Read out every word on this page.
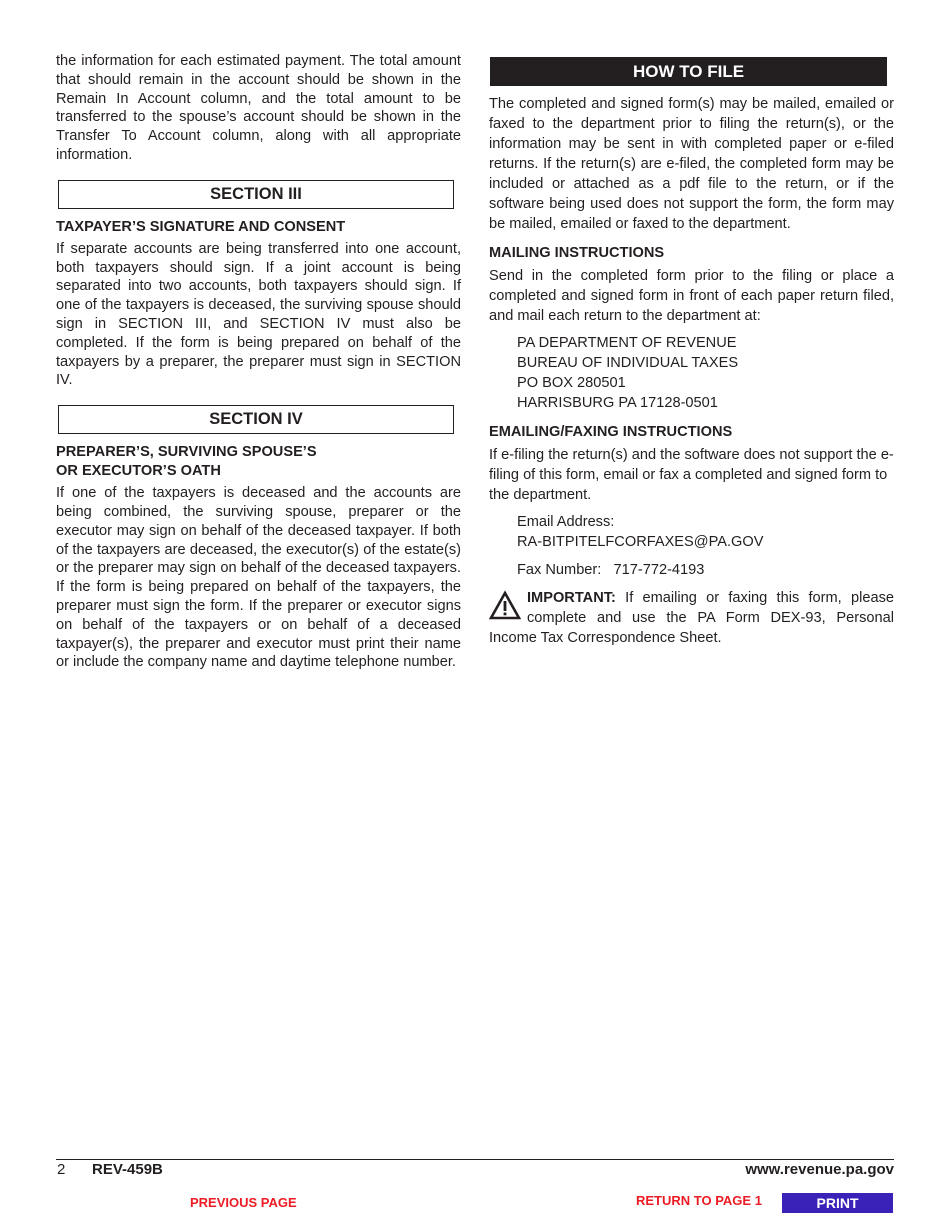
the information for each estimated payment. The total amount that should remain in the account should be shown in the Remain In Account column, and the total amount to be transferred to the spouse’s account should be shown in the Transfer To Account column, along with all appropriate information.

SECTION III
TAXPAYER’S SIGNATURE AND CONSENT

If separate accounts are being transferred into one account, both taxpayers should sign. If a joint account is being separated into two accounts, both taxpayers should sign. If one of the taxpayers is deceased, the surviving spouse should sign in SECTION III, and SECTION IV must also be completed. If the form is being prepared on behalf of the taxpayers by a preparer, the preparer must sign in SECTION IV.

SECTION IV
PREPARER’S, SURVIVING SPOUSE’S
OR EXECUTOR’S OATH

If one of the taxpayers is deceased and the accounts are being combined, the surviving spouse, preparer or the executor may sign on behalf of the deceased taxpayer. If both of the taxpayers are deceased, the executor(s) of the estate(s) or the preparer may sign on behalf of the deceased taxpayers. If the form is being prepared on behalf of the taxpayers, the preparer must sign the form. If the preparer or executor signs on behalf of the taxpayers or on behalf of a deceased taxpayer(s), the preparer and executor must print their name or include the company name and daytime telephone number.

HOW TO FILE

The completed and signed form(s) may be mailed, emailed or faxed to the department prior to filing the return(s), or the information may be sent in with completed paper or e-filed returns. If the return(s) are e-filed, the completed form may be included or attached as a pdf file to the return, or if the software being used does not support the form, the form may be mailed, emailed or faxed to the department.

MAILING INSTRUCTIONS

Send in the completed form prior to the filing or place a completed and signed form in front of each paper return filed, and mail each return to the department at:

PA DEPARTMENT OF REVENUE
BUREAU OF INDIVIDUAL TAXES
PO BOX 280501
HARRISBURG PA 17128-0501
EMAILING/FAXING INSTRUCTIONS

If e-filing the return(s) and the software does not support the e-filing of this form, email or fax a completed and signed form to the department.

Email Address:
RA-BITPITELFCORFAXES@PA.GOV
Fax Number: 717-772-4193
IMPORTANT: If emailing or faxing this form, please complete and use the PA Form DEX-93, Personal Income Tax Correspondence Sheet.
2 REV-459B	www.revenue.pa.gov
PREVIOUS PAGE	RETURN TO PAGE 1	PRINT
